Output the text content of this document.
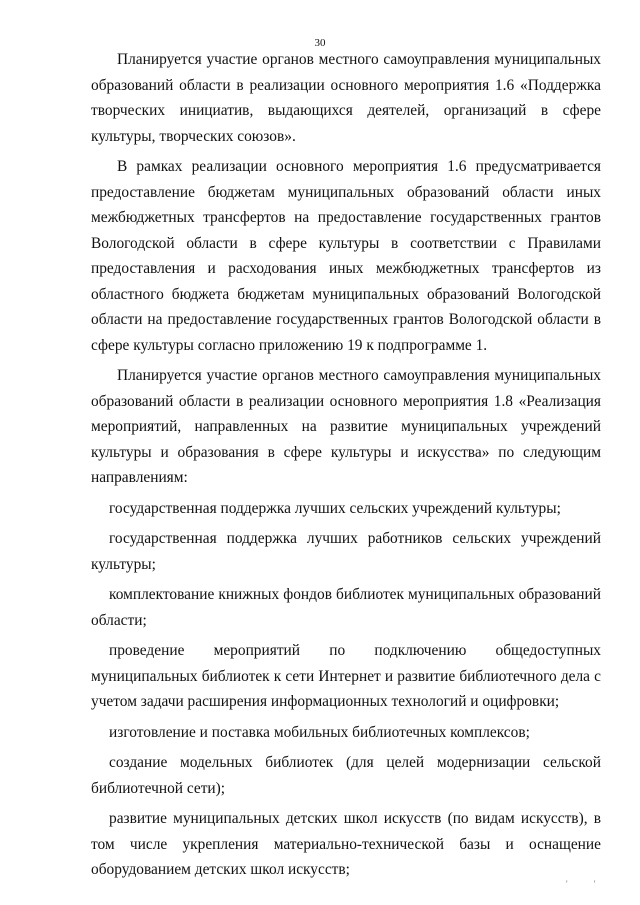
30

Планируется участие органов местного самоуправления муниципальных образований области в реализации основного мероприятия 1.6 «Поддержка творческих инициатив, выдающихся деятелей, организаций в сфере культуры, творческих союзов».

В рамках реализации основного мероприятия 1.6 предусматривается предоставление бюджетам муниципальных образований области иных межбюджетных трансфертов на предоставление государственных грантов Вологодской области в сфере культуры в соответствии с Правилами предоставления и расходования иных межбюджетных трансфертов из областного бюджета бюджетам муниципальных образований Вологодской области на предоставление государственных грантов Вологодской области в сфере культуры согласно приложению 19 к подпрограмме 1.

Планируется участие органов местного самоуправления муниципальных образований области в реализации основного мероприятия 1.8 «Реализация мероприятий, направленных на развитие муниципальных учреждений культуры и образования в сфере культуры и искусства» по следующим направлениям:

государственная поддержка лучших сельских учреждений культуры;

государственная поддержка лучших работников сельских учреждений культуры;

комплектование книжных фондов библиотек муниципальных образований области;

проведение мероприятий по подключению общедоступных муниципальных библиотек к сети Интернет и развитие библиотечного дела с учетом задачи расширения информационных технологий и оцифровки;

изготовление и поставка мобильных библиотечных комплексов;

создание модельных библиотек (для целей модернизации сельской библиотечной сети);

развитие муниципальных детских школ искусств (по видам искусств), в том числе укрепления материально-технической базы и оснащение оборудованием детских школ искусств;

' '
